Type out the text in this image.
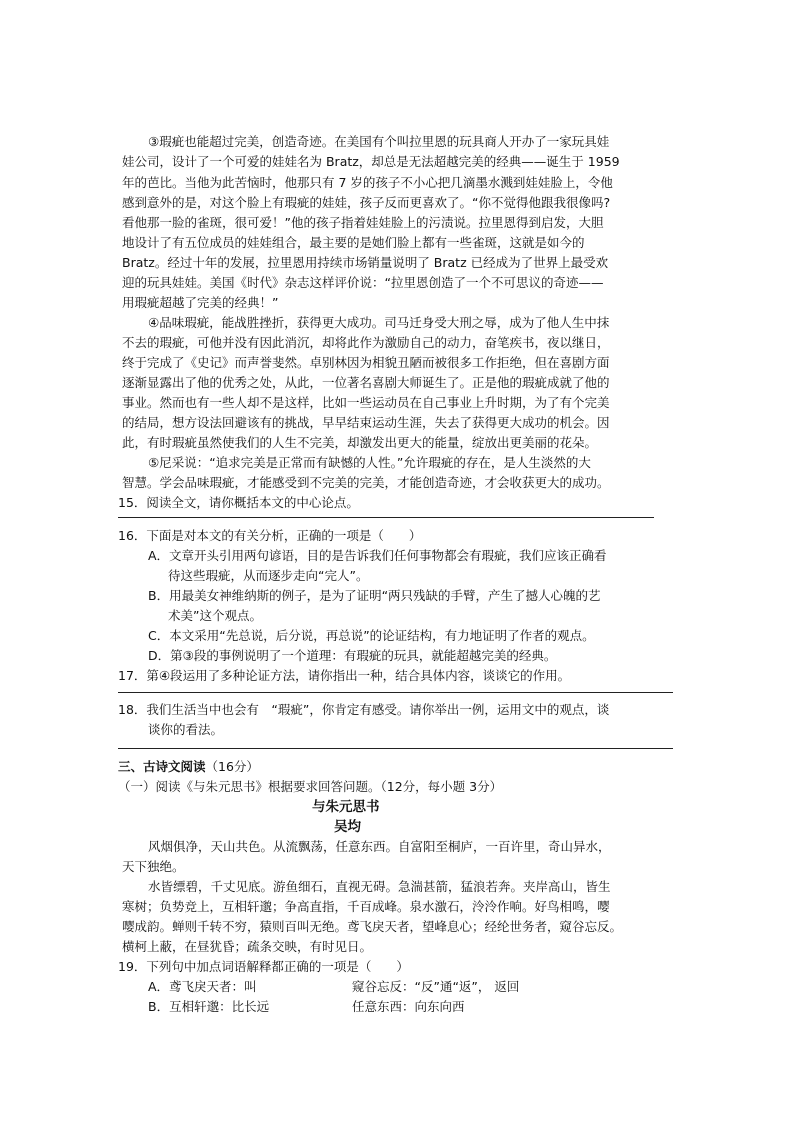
③瑕疵也能超过完美，创造奇迹。在美国有个叫拉里恩的玩具商人开办了一家玩具娃
娃公司，设计了一个可爱的娃娃名为 Bratz，却总是无法超越完美的经典——诞生于 1959
年的芭比。当他为此苦恼时，他那只有 7 岁的孩子不小心把几滴墨水溅到娃娃脸上，令他
感到意外的是，对这个脸上有瑕疵的娃娃，孩子反而更喜欢了。“你不觉得他跟我很像吗?
看他那一脸的雀斑，很可爱！”他的孩子指着娃娃脸上的污渍说。拉里恩得到启发，大胆
地设计了有五位成员的娃娃组合，最主要的是她们脸上都有一些雀斑，这就是如今的
Bratz。经过十年的发展，拉里恩用持续市场销量说明了 Bratz 已经成为了世界上最受欢
迎的玩具娃娃。美国《时代》杂志这样评价说：“拉里恩创造了一个不可思议的奇迹——
用瑕疵超越了完美的经典！”
④品味瑕疵，能战胜挫折，获得更大成功。司马迁身受大刑之辱，成为了他人生中抹
不去的瑕疵，可他并没有因此消沉，却将此作为激励自己的动力，奋笔疾书，夜以继日，
终于完成了《史记》而声誉斐然。卓别林因为相貌丑陋而被很多工作拒绝，但在喜剧方面
逐渐显露出了他的优秀之处，从此，一位著名喜剧大师诞生了。正是他的瑕疵成就了他的
事业。然而也有一些人却不是这样，比如一些运动员在自己事业上升时期，为了有个完美
的结局，想方设法回避该有的挑战，早早结束运动生涯，失去了获得更大成功的机会。因
此，有时瑕疵虽然使我们的人生不完美，却激发出更大的能量，绽放出更美丽的花朵。
⑤尼采说：“追求完美是正常而有缺憾的人性。”允许瑕疵的存在，是人生淡然的大
智慧。学会品味瑕疵，才能感受到不完美的完美，才能创造奇迹，才会收获更大的成功。
15．阅读全文，请你概括本文的中心论点。
16．下面是对本文的有关分析，正确的一项是（　　）
A．文章开头引用两句谚语，目的是告诉我们任何事物都会有瑕疵，我们应该正确看
待这些瑕疵，从而逐步走向“完人”。
B．用最美女神维纳斯的例子，是为了证明“两只残缺的手臂，产生了撼人心魄的艺
术美”这个观点。
C．本文采用“先总说，后分说，再总说”的论证结构，有力地证明了作者的观点。
D．第③段的事例说明了一个道理：有瑕疵的玩具，就能超越完美的经典。
17．第④段运用了多种论证方法，请你指出一种，结合具体内容，谈谈它的作用。
18．我们生活当中也会有　“瑕疵”，你肯定有感受。请你举出一例，运用文中的观点，谈
谈你的看法。
三、古诗文阅读（16分）
（一）阅读《与朱元思书》根据要求回答问题。（12分，每小题 3分）
与朱元思书
吴均
风烟俱净，天山共色。从流飘荡，任意东西。自富阳至桐庐，一百许里，奇山异水，
天下独绝。
水皆缥碧，千丈见底。游鱼细石，直视无碍。急湍甚箭，猛浪若奔。夹岸高山，皆生
寒树；负势竞上，互相轩邈；争高直指，千百成峰。泉水激石，泠泠作响。好鸟相鸣，嘤
嘤成韵。蝉则千转不穷，猿则百叫无绝。鸢飞戾天者，望峰息心；经纶世务者，窥谷忘反。
横柯上蔽，在昼犹昏；疏条交映，有时见日。
19．下列句中加点词语解释都正确的一项是（　　）
A．鸢飞戾天者：叫	窥谷忘反：“反”通“返”， 返回
B．互相轩邈：比长远	任意东西：向东向西
